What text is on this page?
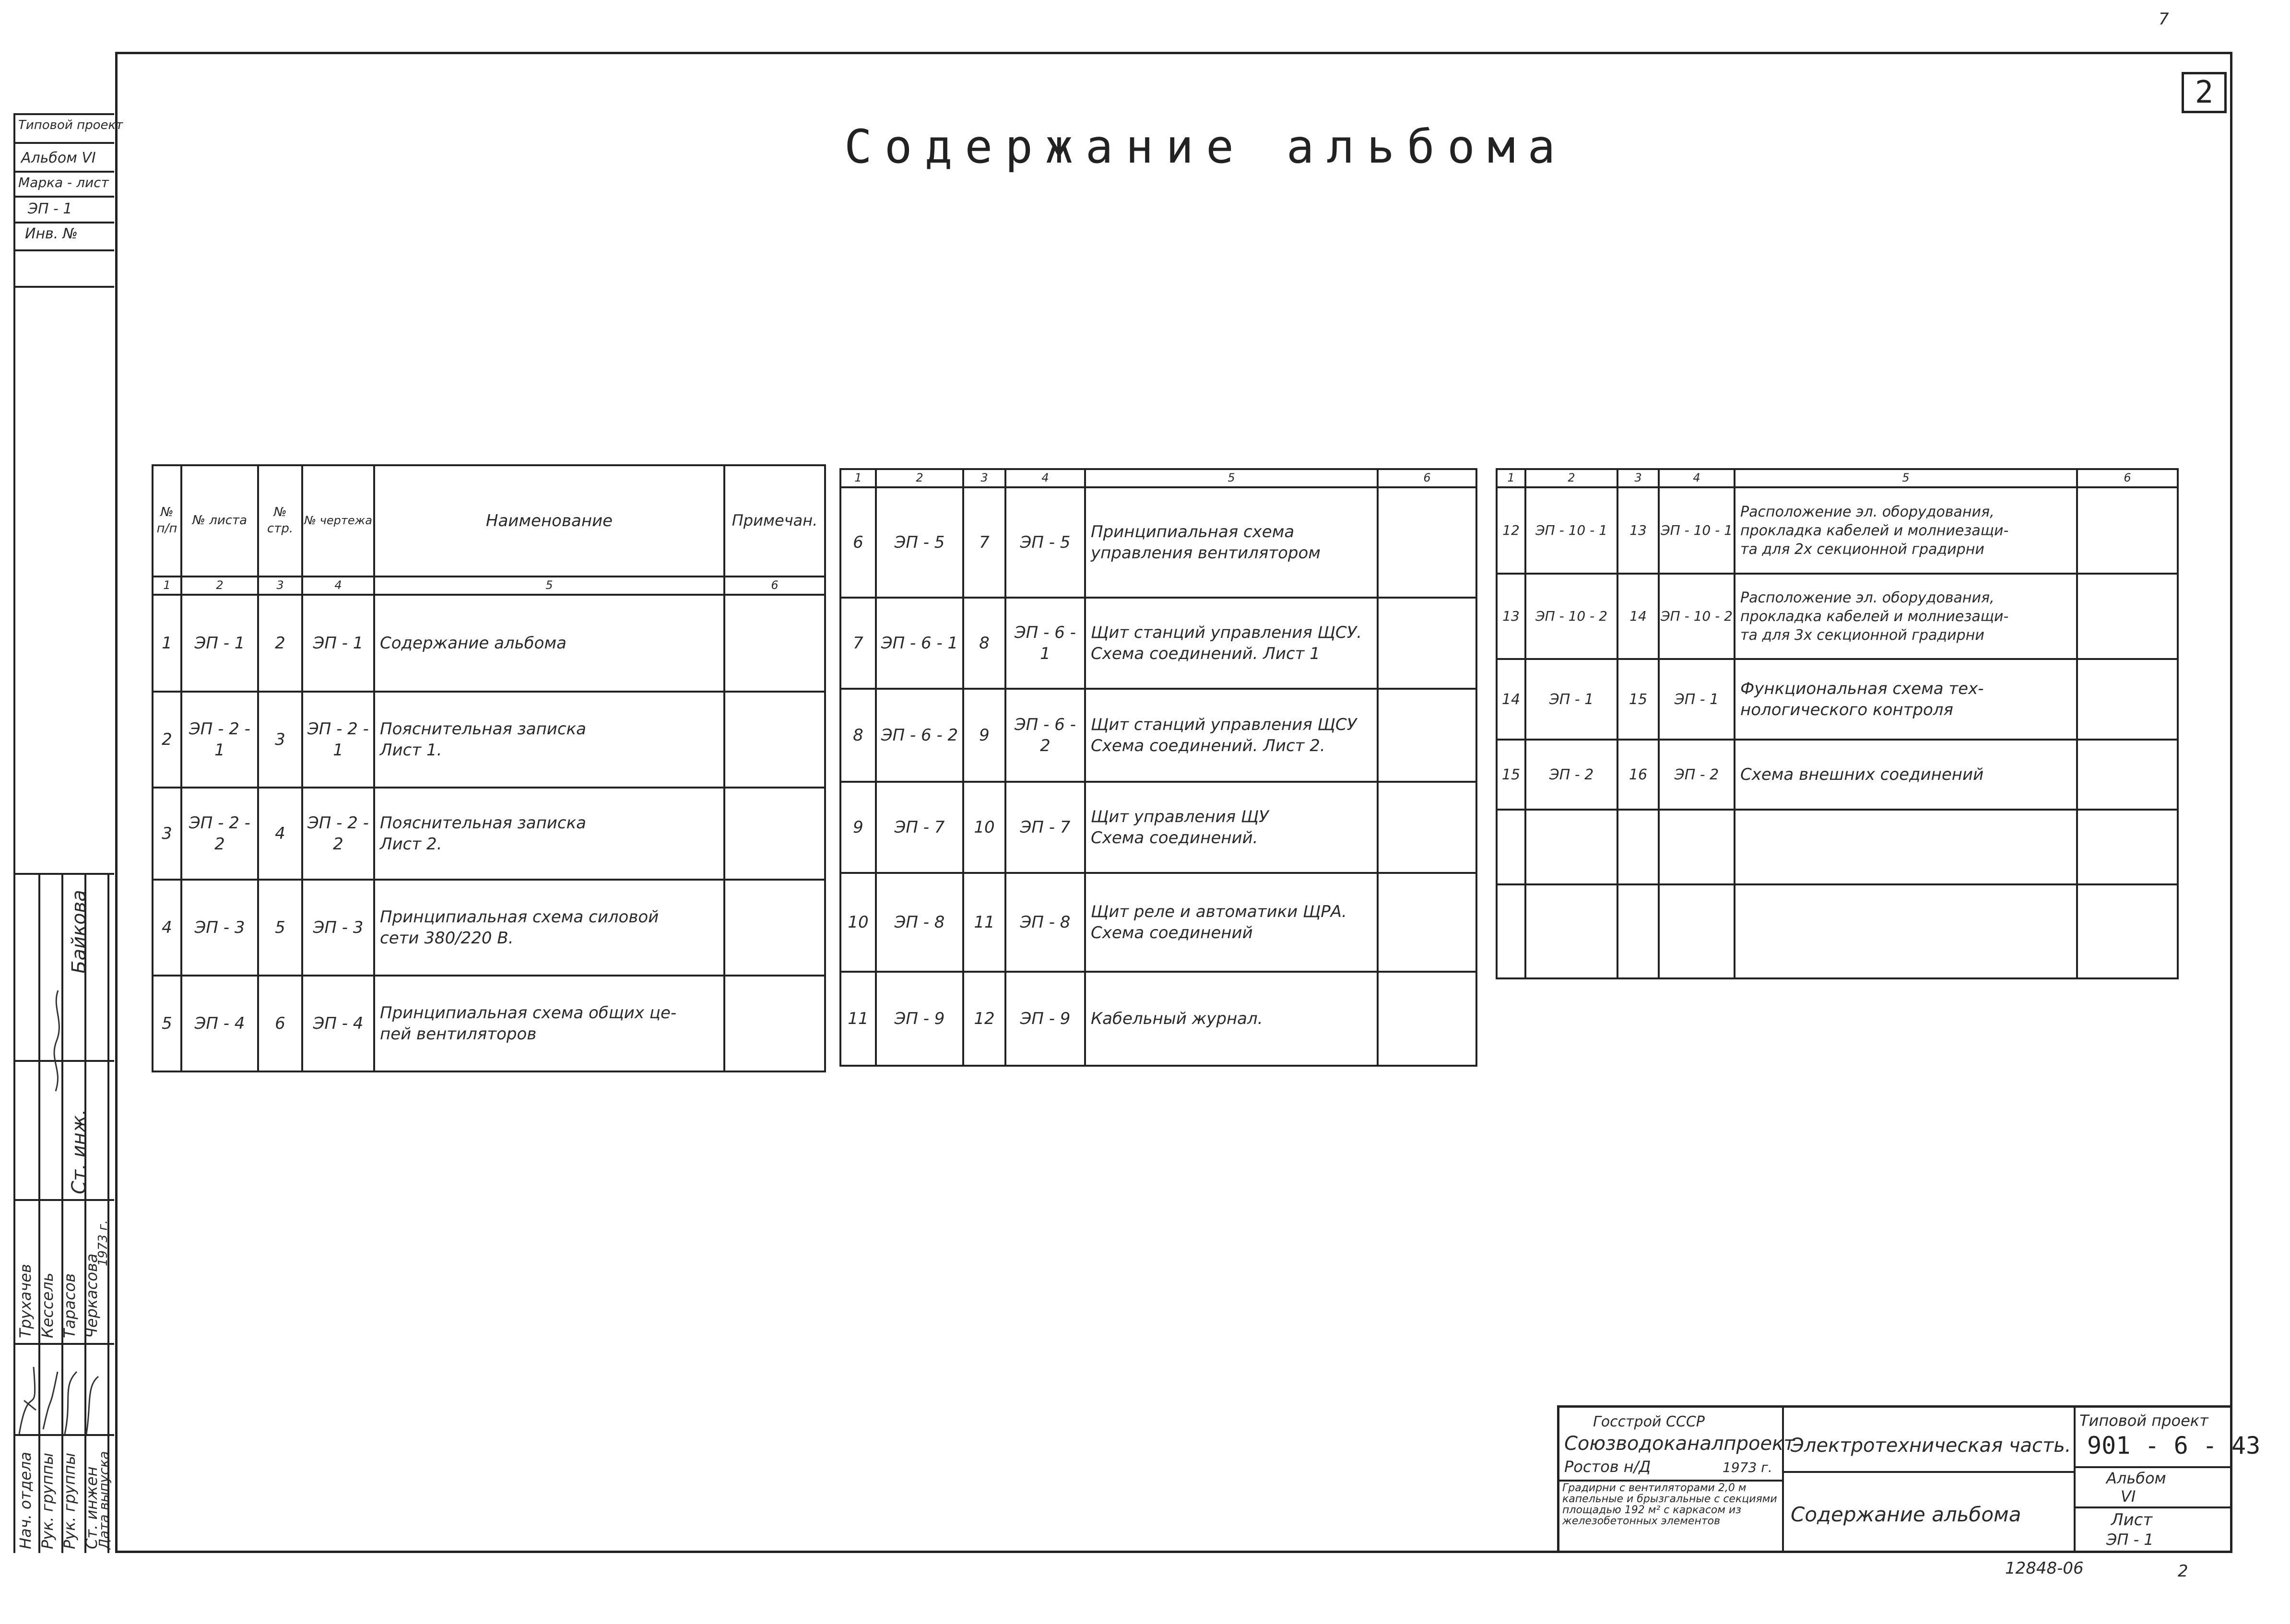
7
2
Содержание альбома
Типовой проект
Альбом VI
Марка - лист
ЭП - 1
Инв. №
Байкова
Ст. инж.
Нач. отдела Рук. группы Рук. группы Ст. инжен
Дата выпуска
Трухачев Кессель Тарасов Черкасова
1973 г.
№ п/п	№ листа	№ стр.	№ чертежа	Наименование	Примечан.
1	2	3	4	5	6
1	ЭП - 1	2	ЭП - 1	Содержание альбома	
2	ЭП - 2 - 1	3	ЭП - 2 - 1	Пояснительная записка
Лист 1.	
3	ЭП - 2 - 2	4	ЭП - 2 - 2	Пояснительная записка
Лист 2.	
4	ЭП - 3	5	ЭП - 3	Принципиальная схема силовой
сети 380/220 В.	
5	ЭП - 4	6	ЭП - 4	Принципиальная схема общих це-
пей вентиляторов	
1	2	3	4	5	6
6	ЭП - 5	7	ЭП - 5	Принципиальная схема
управления вентилятором	
7	ЭП - 6 - 1	8	ЭП - 6 - 1	Щит станций управления ЩСУ.
Схема соединений. Лист 1	
8	ЭП - 6 - 2	9	ЭП - 6 - 2	Щит станций управления ЩСУ
Схема соединений. Лист 2.	
9	ЭП - 7	10	ЭП - 7	Щит управления ЩУ
Схема соединений.	
10	ЭП - 8	11	ЭП - 8	Щит реле и автоматики ЩРА.
Схема соединений	
11	ЭП - 9	12	ЭП - 9	Кабельный журнал.	
1	2	3	4	5	6
12	ЭП - 10 - 1	13	ЭП - 10 - 1	Расположение эл. оборудования,
прокладка кабелей и молниезащи-
та для 2х секционной градирни	
13	ЭП - 10 - 2	14	ЭП - 10 - 2	Расположение эл. оборудования,
прокладка кабелей и молниезащи-
та для 3х секционной градирни	
14	ЭП - 1	15	ЭП - 1	Функциональная схема тех-
нологического контроля	
15	ЭП - 2	16	ЭП - 2	Схема внешних соединений	

Госстрой СССР
Союзводоканалпроект
Ростов н/Д	1973 г.
Градирни с вентиляторами 2,0 м капельные и брызгальные с секциями площадью 192 м² с каркасом из железобетонных элементов
Электротехническая часть.
Содержание альбома
Типовой проект
901 - 6 - 43
Альбом
VI
Лист
ЭП - 1
12848-06	2
